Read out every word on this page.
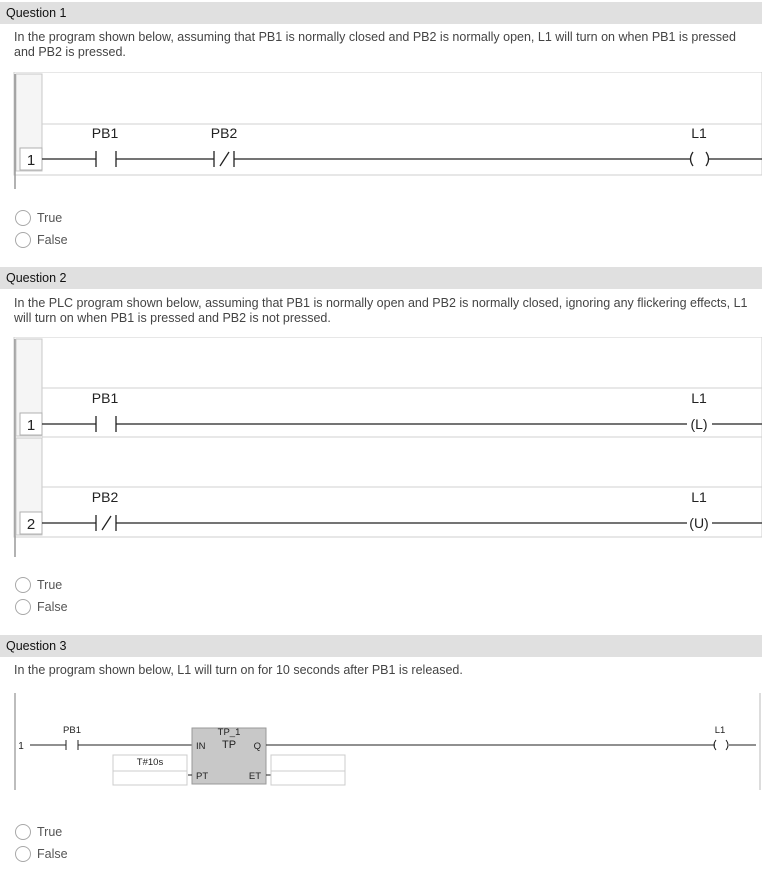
Question 1
In the program shown below, assuming that PB1 is normally closed and PB2 is normally open, L1 will turn on when PB1 is pressed and PB2 is pressed.
1
PB1	PB2	L1
True
False
Question 2
In the PLC program shown below, assuming that PB1 is normally open and PB2 is normally closed, ignoring any flickering effects, L1 will turn on when PB1 is pressed and PB2 is not pressed.
1
PB1	L1
(L)
2
PB2	L1
(U)
True
False
Question 3
In the program shown below, L1 will turn on for 10 seconds after PB1 is released.
1
PB1	TP_1
TP
IN	Q
PT	ET
T#10s
L1
True
False
